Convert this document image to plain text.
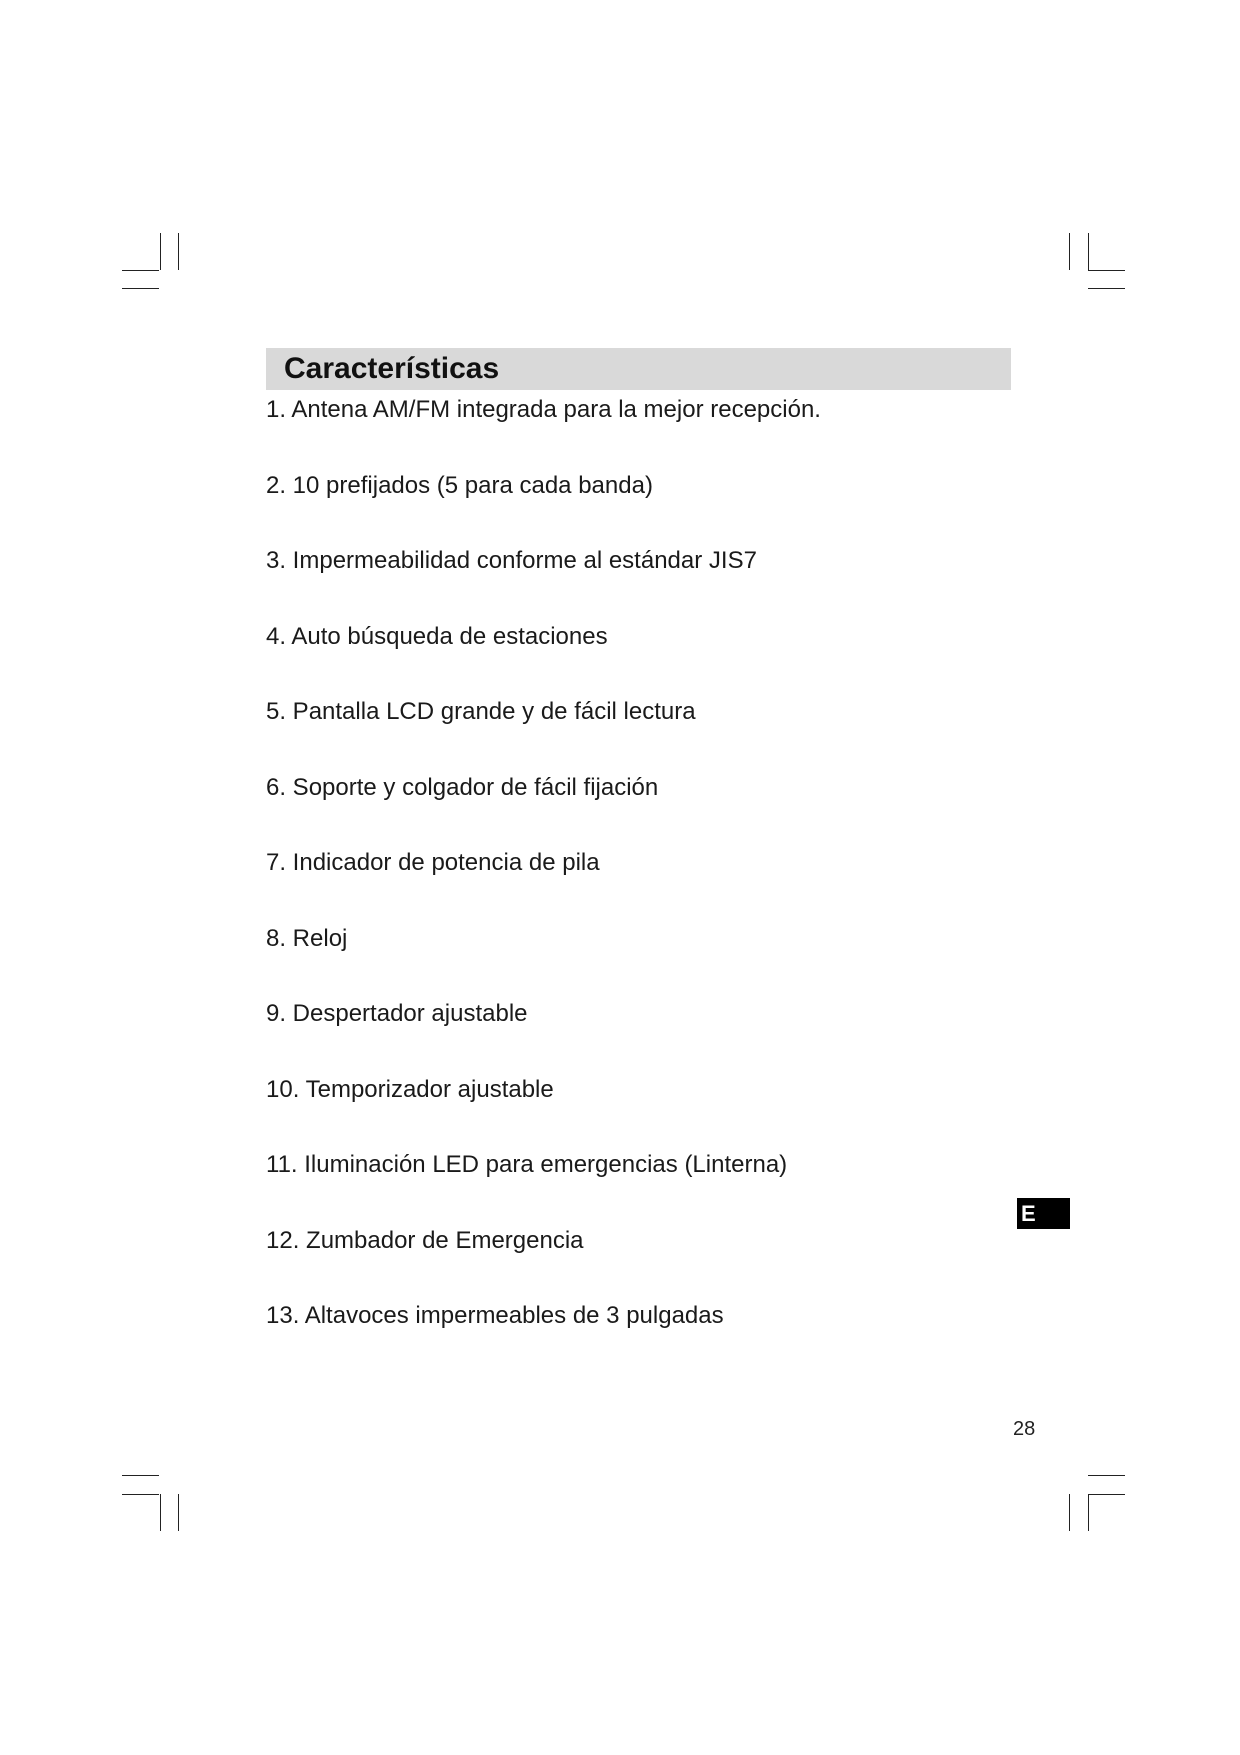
Características
1. Antena AM/FM integrada para la mejor recepción.
2. 10 prefijados (5 para cada banda)
3. Impermeabilidad conforme al estándar JIS7
4. Auto búsqueda de estaciones
5. Pantalla LCD grande y de fácil lectura
6. Soporte y colgador de fácil fijación
7. Indicador de potencia de pila
8. Reloj
9. Despertador ajustable
10. Temporizador ajustable
11. Iluminación LED para emergencias (Linterna)
12. Zumbador de Emergencia
13. Altavoces impermeables de 3 pulgadas
E
28
